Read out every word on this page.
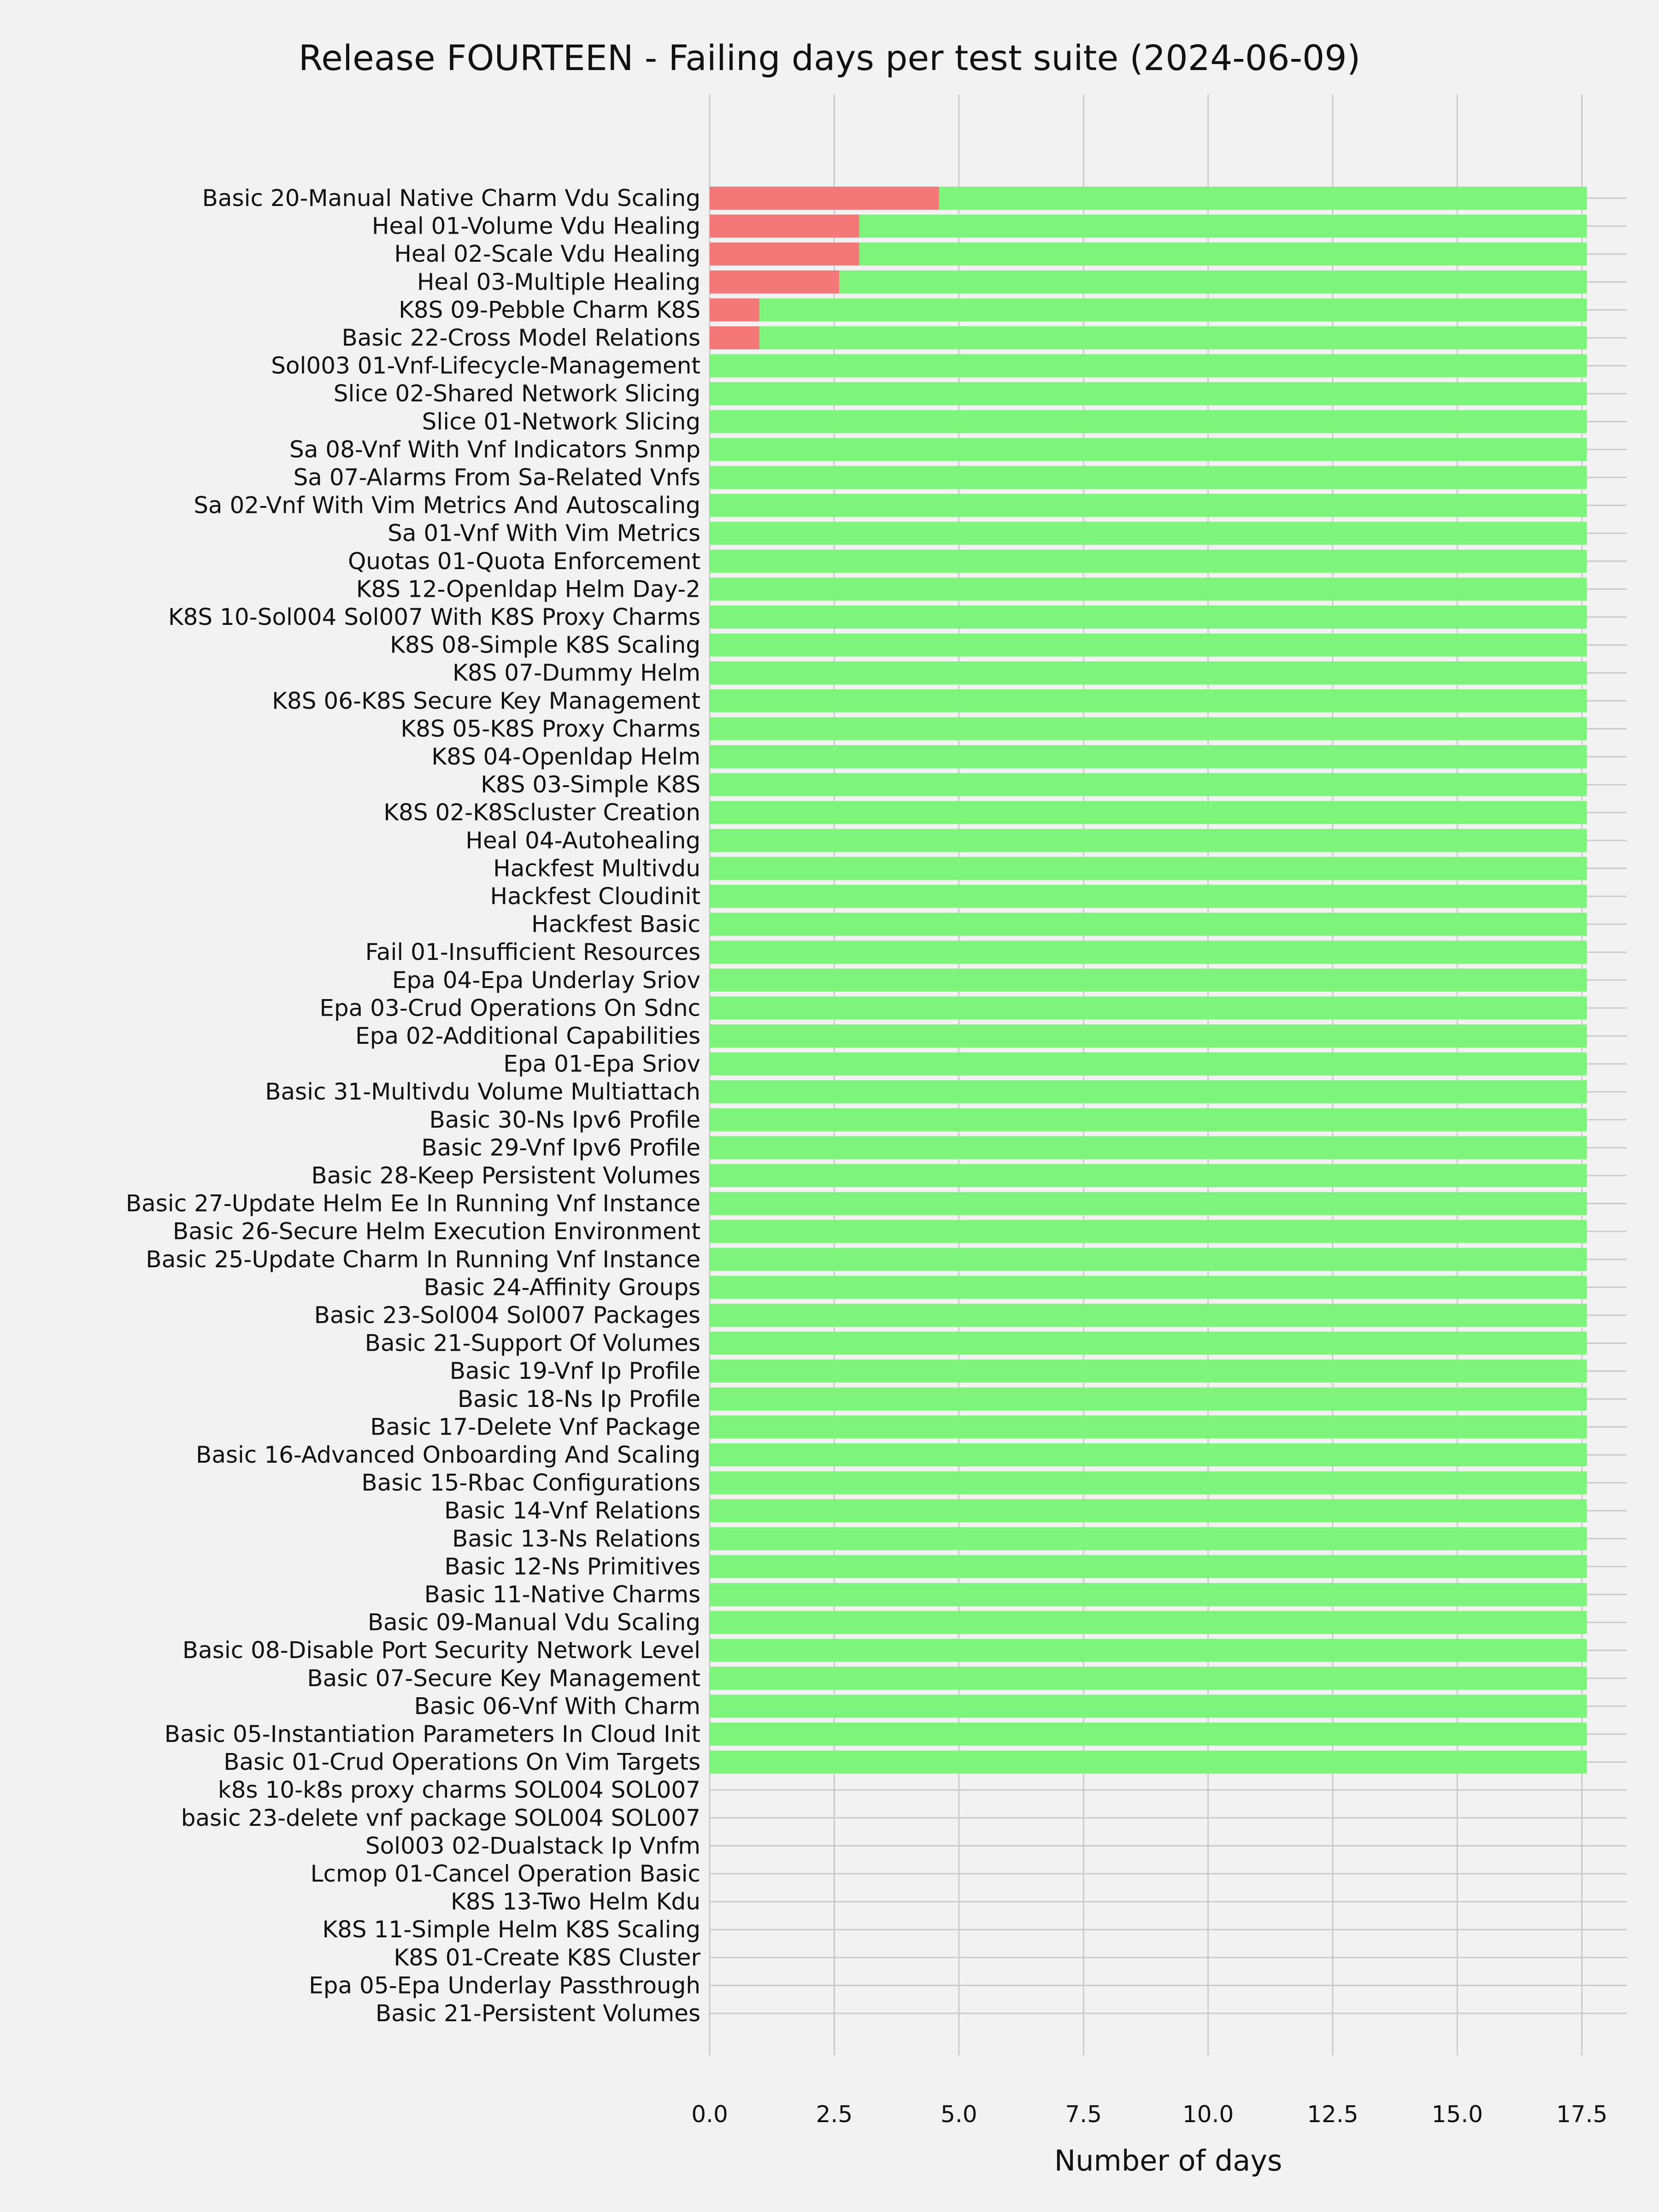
Basic 20-Manual Native Charm Vdu Scaling
Heal 01-Volume Vdu Healing
Heal 02-Scale Vdu Healing
Heal 03-Multiple Healing
K8S 09-Pebble Charm K8S
Basic 22-Cross Model Relations
Sol003 01-Vnf-Lifecycle-Management
Slice 02-Shared Network Slicing
Slice 01-Network Slicing
Sa 08-Vnf With Vnf Indicators Snmp
Sa 07-Alarms From Sa-Related Vnfs
Sa 02-Vnf With Vim Metrics And Autoscaling
Sa 01-Vnf With Vim Metrics
Quotas 01-Quota Enforcement
K8S 12-Openldap Helm Day-2
K8S 10-Sol004 Sol007 With K8S Proxy Charms
K8S 08-Simple K8S Scaling
K8S 07-Dummy Helm
K8S 06-K8S Secure Key Management
K8S 05-K8S Proxy Charms
K8S 04-Openldap Helm
K8S 03-Simple K8S
K8S 02-K8Scluster Creation
Heal 04-Autohealing
Hackfest Multivdu
Hackfest Cloudinit
Hackfest Basic
Fail 01-Insufficient Resources
Epa 04-Epa Underlay Sriov
Epa 03-Crud Operations On Sdnc
Epa 02-Additional Capabilities
Epa 01-Epa Sriov
Basic 31-Multivdu Volume Multiattach
Basic 30-Ns Ipv6 Profile
Basic 29-Vnf Ipv6 Profile
Basic 28-Keep Persistent Volumes
Basic 27-Update Helm Ee In Running Vnf Instance
Basic 26-Secure Helm Execution Environment
Basic 25-Update Charm In Running Vnf Instance
Basic 24-Affinity Groups
Basic 23-Sol004 Sol007 Packages
Basic 21-Support Of Volumes
Basic 19-Vnf Ip Profile
Basic 18-Ns Ip Profile
Basic 17-Delete Vnf Package
Basic 16-Advanced Onboarding And Scaling
Basic 15-Rbac Configurations
Basic 14-Vnf Relations
Basic 13-Ns Relations
Basic 12-Ns Primitives
Basic 11-Native Charms
Basic 09-Manual Vdu Scaling
Basic 08-Disable Port Security Network Level
Basic 07-Secure Key Management
Basic 06-Vnf With Charm
Basic 05-Instantiation Parameters In Cloud Init
Basic 01-Crud Operations On Vim Targets
k8s 10-k8s proxy charms SOL004 SOL007
basic 23-delete vnf package SOL004 SOL007
Sol003 02-Dualstack Ip Vnfm
Lcmop 01-Cancel Operation Basic
K8S 13-Two Helm Kdu
K8S 11-Simple Helm K8S Scaling
K8S 01-Create K8S Cluster
Epa 05-Epa Underlay Passthrough
Basic 21-Persistent Volumes
0.0	2.5	5.0	7.5	10.0	12.5	15.0	17.5
Release FOURTEEN - Failing days per test suite (2024-06-09)
Number of days
